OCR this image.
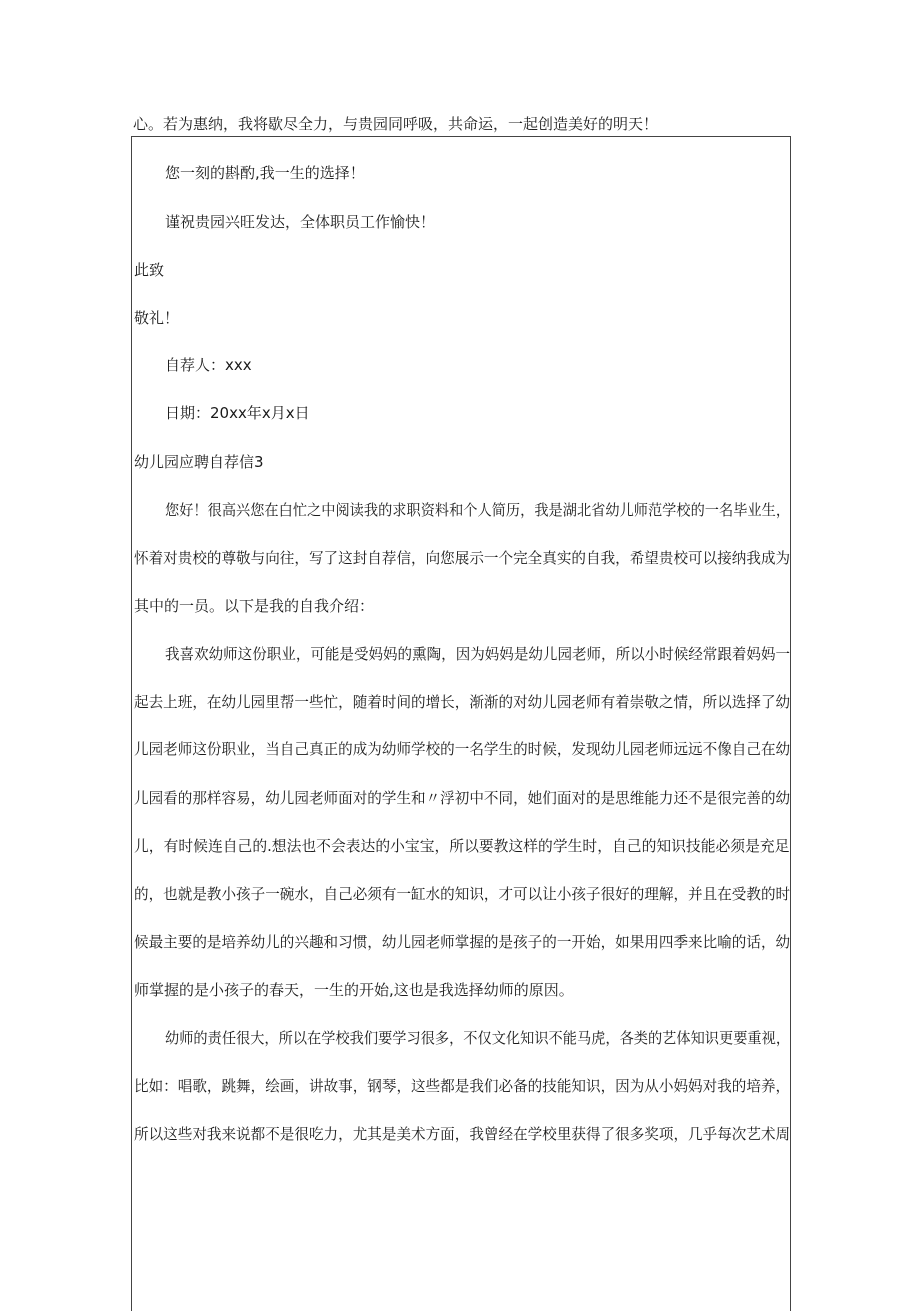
心。若为惠纳，我将歇尽全力，与贵园同呼吸，共命运，一起创造美好的明天！
您一刻的斟酌,我一生的选择！
谨祝贵园兴旺发达，全体职员工作愉快！
此致
敬礼！
自荐人：xxx
日期：20xx年x月x日
幼儿园应聘自荐信3
您好！很高兴您在白忙之中阅读我的求职资料和个人简历，我是湖北省幼儿师范学校的一名毕业生，
怀着对贵校的尊敬与向往，写了这封自荐信，向您展示一个完全真实的自我，希望贵校可以接纳我成为
其中的一员。以下是我的自我介绍：
我喜欢幼师这份职业，可能是受妈妈的熏陶，因为妈妈是幼儿园老师，所以小时候经常跟着妈妈一
起去上班，在幼儿园里帮一些忙，随着时间的增长，渐渐的对幼儿园老师有着崇敬之情，所以选择了幼
儿园老师这份职业，当自己真正的成为幼师学校的一名学生的时候，发现幼儿园老师远远不像自己在幼
儿园看的那样容易，幼儿园老师面对的学生和〃浮初中不同，她们面对的是思维能力还不是很完善的幼
儿，有时候连自己的.想法也不会表达的小宝宝，所以要教这样的学生时，自己的知识技能必须是充足
的，也就是教小孩子一碗水，自己必须有一缸水的知识，才可以让小孩子很好的理解，并且在受教的时
候最主要的是培养幼儿的兴趣和习惯，幼儿园老师掌握的是孩子的一开始，如果用四季来比喻的话，幼
师掌握的是小孩子的春天，一生的开始,这也是我选择幼师的原因。
幼师的责任很大，所以在学校我们要学习很多，不仅文化知识不能马虎，各类的艺体知识更要重视，
比如：唱歌，跳舞，绘画，讲故事，钢琴，这些都是我们必备的技能知识，因为从小妈妈对我的培养，
所以这些对我来说都不是很吃力，尤其是美术方面，我曾经在学校里获得了很多奖项，几乎每次艺术周
